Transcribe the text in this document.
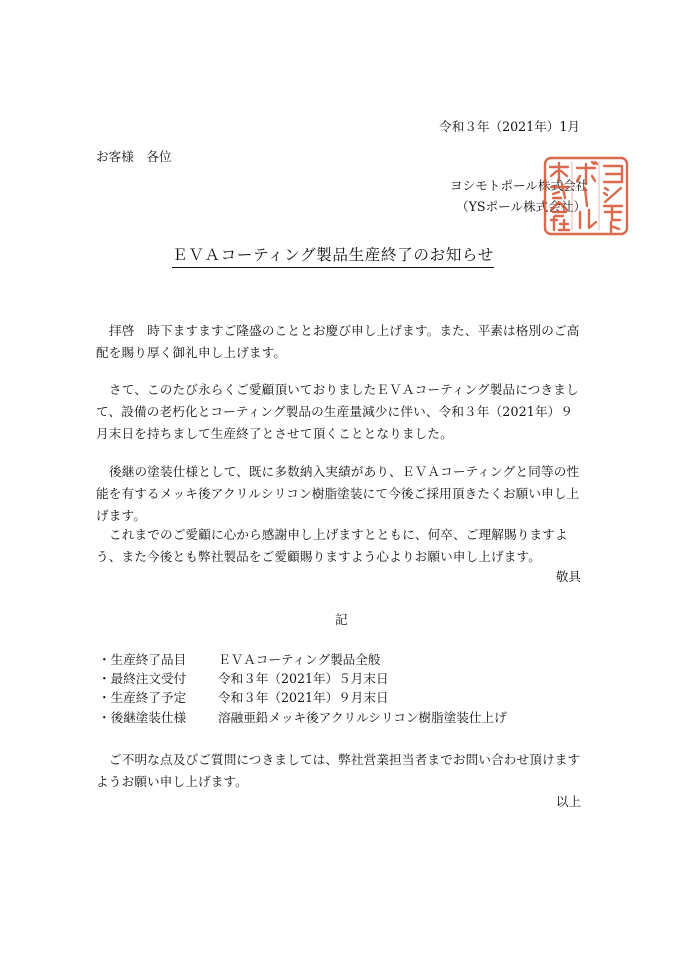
令和３年（2021年）1月
お客様　各位
ヨシモトポール株式会社
（YSポール株式会社）
ＥＶＡコーティング製品生産終了のお知らせ
拝啓　時下ますますご隆盛のこととお慶び申し上げます。また、平素は格別のご高配を賜り厚く御礼申し上げます。
さて、このたび永らくご愛顧頂いておりましたＥＶＡコーティング製品につきまして、設備の老朽化とコーティング製品の生産量減少に伴い、令和３年（2021年）９月末日を持ちまして生産終了とさせて頂くこととなりました。
後継の塗装仕様として、既に多数納入実績があり、ＥＶＡコーティングと同等の性能を有するメッキ後アクリルシリコン樹脂塗装にて今後ご採用頂きたくお願い申し上げます。
これまでのご愛顧に心から感謝申し上げますとともに、何卒、ご理解賜りますよう、また今後とも弊社製品をご愛顧賜りますよう心よりお願い申し上げます。
敬具
記
・生産終了品目	ＥＶＡコーティング製品全般
・最終注文受付	令和３年（2021年）５月末日
・生産終了予定	令和３年（2021年）９月末日
・後継塗装仕様	溶融亜鉛メッキ後アクリルシリコン樹脂塗装仕上げ
ご不明な点及びご質問につきましては、弊社営業担当者までお問い合わせ頂けますようお願い申し上げます。
以上
